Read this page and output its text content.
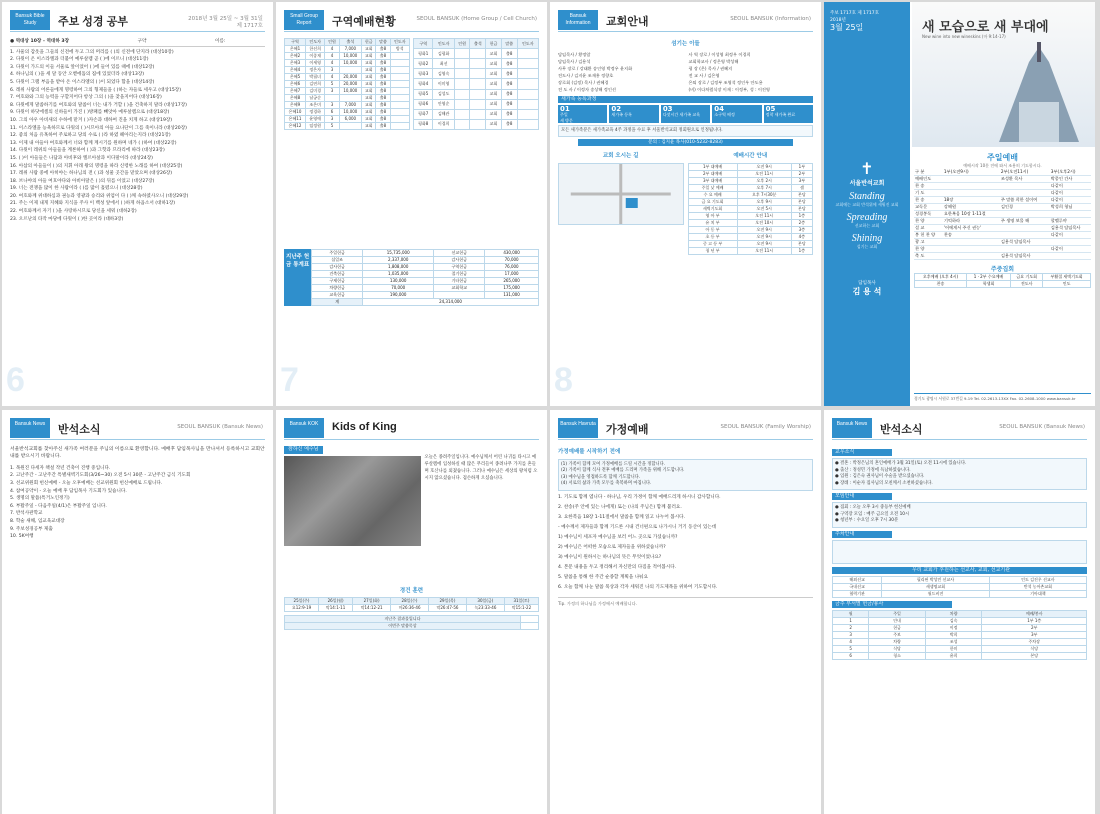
Bansuk Bible Study	주보 성경 공부	2018년 3월 25일 ~ 3월 31일
제 1717호
● 역대상 10장 - 역대하 3장	구약	이름:
1. 사울의 갑옷을 그들의 신전에 두고 그의 머리를 ( )의 신전에 단지라 (대상10장)
2. 다윗이 온 이스라엘과 더불어 예루살렘 곧 ( )에 이르니 (대상11장)
3. 다윗이 가드의 이들 서울로 앞이었어 ( )에 들어 있를 때에 (대상12장)
4. 하나님의 ( )을 세 달 동안 오벧에돔의 집에 있었더라 (대상13장)
5. 다윗이 그램 부음을 받아 온 이스라엘의 ( )이 되었다 함을 (대상14장)
6. 레위 사람의 어른들에게 명령하여 그의 형제들을 ( )하는 자들로 세우고 (대상15장)
7. 여호와와 그의 능력을 구할지어다 항상 그의 ( )을 찾을지어다 (대상16장)
8. 다윗에게 말씀하기를 여호와의 말씀이 너는 내가 거할 ( )을 건축하지 말라 (대상17장)
9. 다윗이 하닷에셀의 신하들이 가진 ( )방패를 빼앗아 예루살렘으로 (대상18장)
10. 그의 아우 아비새의 수하에 맡겨 ( )자손과 대하여 진을 치게 하고 (대상19장)
11. 이스라엘을 능욕하므로 다윗의 ( )시므아의 아들 요나단이 그를 죽이니라 (대상20장)
12. 좋의 처음 유혹하여 주로하고 당의 수로 ( )라 하였 헤아리는지라 (대상21장)
13. 이제 내 아들아 여호와께서 너와 함께 계시기를 원하며 네가 ( )하여 (대상22장)
14. 다윗이 레위의 아들들을 계론하여 ( )과 그핫과 므라리에 따라 (대상23장)
15. ( )이 아들들은 나답과 아비후와 엘르아살과 이다말이라 (대상24장)
16. 아삽의 아들들이 ( )의 지휘 아래 왕의 명령을 따라 신령한 노래를 하여 (대상25장)
17. 레위 사람 중에 아히야는 하나님의 전 ( )과 성물 곳간을 맡았으며 (대상26장)
18. 브나야의 아들 여호야다와 아비아달은 ( )의 뒤를 이었고 (대상27장)
19. 너는 전쟁을 많이 한 사람이라 ( )를 많이 흘렸으니 (대상28장)
20. 여호와께 위대하심과 권능과 영광과 승리와 위엄이 다 ( )께 속하였사오니 (대상29장)
21. 주는 이제 내게 지혜와 지식을 주사 이 백성 앞에서 ( )하게 하옵소서 (대하1장)
22. 여호와께서 자기 ( )을 사랑하시므로 당신을 세워 (대하2장)
23. 오르난의 타작 마당에 다윗이 ( )한 곳이라 (대하3장)
6
Small Group Report	구역예배현황	SEOUL BANSUK (Home Group / Cell Church)
구역	인도자	인원	출석	헌금	말씀	인도자
은혜1	한선희	4	7,000	교회	출8	방석
은혜2	이종재	4	10,000	교회	출8	
은혜3	이세영	4	10,000	교회	출8	
은혜4	정은자	3		교회	출8	
은혜5	박필녀	4	20,000	교회	출8	
은혜6	김연희	5	20,000	교회	출8	
은혜7	김미경	3	10,000	교회	출8	
은혜8	남궁순			교회	출8	
은혜9	조은미	3	7,000	교회	출8	
은혜10	정경하	6	10,000	교회	출8	
은혜11	윤영애	3	6,000	교회	출8	
은혜12	임정원	5		교회	출8	
구역	인도자	인원	출석	헌금	말씀	인도자
평화1	김평화			교회	출8	
평화2	최선			교회	출8	
평화3	김영숙			교회	출8	
평화4	이미영			교회	출8	
평화5	김성도			교회	출8	
평화6	안영순			교회	출8	
평화7	김해관			교회	출8	
평화8	이경희			교회	출8	
지난주 헌금 통계표
주일헌금	15,735,000	선교헌금	430,000
십일조	2,337,000	감사헌금	70,000
감사헌금	1,808,000	구역헌금	76,000
건축헌금	1,035,000	절기헌금	17,000
구제헌금	130,000	기타헌금	265,000
차량헌금	70,000	교회학교	175,000
교육헌금	190,000		131,000
계	24,314,000		
7
Bansuk Information	교회안내	SEOUL BANSUK (Information)
섬기는 이들
담임목사 / 황정암
담임목사 / 김용석
사무 장로 / 강태환 송인영 박정우 윤지화
전도사 / 김지윤 조재홍 정향호
장로회 (김정) 목사 / 권혜경
전 도 사 / 이정자 송상해 정인선
사 역 장로 / 이성영 최정우 이경희
교회학교사 / 정은영 박성해
평 장 (은) 목사 / 권혜지
전 교 사 / 김은영
은퇴 장로 / 김정부 조영석 정인우 안도용
(비) 이다처럼식장 이재 : 이정부, 성 : 이진영
새가족 등록과정
01
주일
새 방문
02
새가족 등록
03
다섯시간 새가족 교육
04
소구역 배정
05
정착 새가족 완료
모든 새가족분은 새가족교육 4주 과정을 수료 후 서울반석교회 정회원으로 인정됩니다.
문의 : 김지윤 목사(010-5232-8283)
교회 오시는 길	예배시간 안내
1부 대예배	오전 9시	1부
2부 대예배	오전 11시	2부
3부 대예배	오후 2시	3부
주일 낮 예배	오후 7시	샘
수 요 예배	오후 7시30분	본당
금 요 기도회	오후 9시	본당
새벽기도회	오전 5시	본당
영 아 부	오전 11시	1층
유 치 부	오전 10시	2층
아 동 부	오전 9시	3층
초 등 부	오전 9시	4층
중 고 등 부	오전 9시	본당
청 년 부	오전 11시	1층
8
주보 1717호 제 1717호
2018년
3월 25일
✝
서울반석교회
Standing
교회에는 교회 반석위에 세워진 교회
Spreading
선교하는 교회
Shining
섬기는 교회
담임목사
김 용 석
새 모습으로 새 부대에
New wine into new wineskins (마 9:14-17)
주일예배
예배시작 10분 전에 와서 조용히 기도합시다.
구 분	1부(오전9시)	2부(오전11시)	3부(오후2시)
예배인도		조성환 목사	박종인 간사
찬 송			다같이
기 도			다같이
찬 송	18장	주 말씀 희한 설이여	다같이
교독문	강해원	김인경	박성희 형님
성경봉독	요한복음 10장 1-11절		
찬 양	기억하라	주 생명 보물 해	할렐루야
설 교	'어에게서 주신 권능'		김용석 담임목사
봉 헌 찬 양	찬송		다같이
광 고		김용석 담임목사	
찬 양			다같이
축 도		김용석 담임목사	
주중집회
오후예배 (오후 4시)	1 · 2부 수요예배	금요 기도회	부활절 새벽기도회
찬송	학생회	전도사	인도
경기도 광명시 서원로 37번길 9-19 Tel. 02-2613-13XX Fax. 02-2608-1000 www.bansuk.kr
Bansuk News	반석소식	SEOUL BANSUK (Bansuk News)
서울반석교회를 찾아주신 새가족 여러분을 주님의 이름으로 환영합니다. 예배후 담임목사님을 만나셔서 등록하시고 교회안내를 받으시기 바랍니다.
1. 목원진 다세자 책설 작년 건축이 진행 중입니다.
2. 고난주간 - 고난주간 특별새벽기도회(3/26~30) 오전 5시 30분 - 고난주간 금식 기도회
3. 선교위원회 헌신예배 - 오늘 오후예배는 선교위원회 헌신예배로 드립니다.
4. 참여공약이 - 오늘 예배 후 담임목사 기도회가 있습니다.
5. 생명의 말씀(특거노인정기)
6. 부활주일 - 다음주일(4/1)은 부활주일 입니다.
7. 반석사관학교
8. 학술 새해, 임교육교대장
9. 주보성경공부 제출
10. 5K여행
Bansuk KOK	Kids of King
잠하신 예수님
오늘은 종려주일입니다. 예수님께서 어린 나귀를 타시고 예루살렘에 입성하실 때 많은 무리들이 종려나무 가지를 흔들며 호산나를 외쳤습니다. 그러나 예수님은 세상의 왕처럼 오시지 않으셨습니다. 겸손하게 오셨습니다.
경건 훈련
25일(주)	26일(월)	27일(화)	28일(수)	29일(목)	30일(금)	31일(토)
요12:9-19	막14:1-11	막14:12-21	마26:36-46	막26:47-56	눅23:33-46	막15:1-22
지난주 결과물입니다	
이번주 말씀묵상	
Bansuk Havruta 가정예배	SEOUL BANSUK (Family Worship)
가정예배를 시작하기 전에
(1) 가족이 함께 모여 가정예배를 드릴 시간을 정합니다.
(2) 가족이 함께 식사 전후 예배를 드리며 가족을 위해 기도합니다.
(3) 예수님을 영접하도록 함께 기도합니다.
(4) 서로의 삶과 가족 모두를 축복하며 마칩니다.
1. 기도로 함께 엽니다 - 하나님, 우리 가정이 함께 예배드리게 하시니 감사합니다.
2. 찬송(주 안에 있는 나에게) 또는 (나의 주님은) 함께 불러요.
3. 요한복음 18장 1-11절에서 말씀을 함께 읽고 나누어 봅시다.
- 예수께서 제자들과 함께 기드론 시내 건너편으로 나가시니 거기 동산이 있는데
1) 예수님이 세포자 예수님을 보러 어느 곳으로 가셨습니까?
2) 예수님은 어떠한 모습으로 제자들을 위하셨습니까?
3) 예수님이 원하시는 하나님의 뜻은 무엇이었나요?
4. 본문 내용을 두고 정리해서 자신만의 다짐을 적어봅시다.
5. 말씀을 통해 한 주간 순종할 계획을 나눠요
6. 오늘 함께 나눈 말씀 묵상과 각자 세워진 나의 기도제목을 위하여 기도합시다.
Tip. 가정의 하나님을 가정에서 예배합니다.
Bansuk News	반석소식	SEOUL BANSUK (Bansuk News)
교우소식
● 결혼 : 박정은님의 혼인예배가 3월 31일(토) 오전 11시에 있습니다.
● 출산 : 정성민 가정에 득남하였습니다.
● 입원 : 김은숙 권사님이 수술을 받으셨습니다.
● 장례 : 이순자 집사님의 모친께서 소천하셨습니다.
모임안내
● 집회 : 오늘 오후 3시 중등부 헌신예배
● 구역장 모임 : 매주 금요일 오전 10시
● 청년부 : 수요일 오후 7시 30분
주차안내
우리 교회가 후원하는 선교사, 교회, 선교기관
해외선교	필리핀 박성민 선교사	인도 김진우 선교사
국내선교	새생명교회	반석 농어촌교회
협력기관	월드비전	기아대책
금주 부서별 헌금/봉사
월	주일	차량	예배/봉사
1	안내	김숙	1부 1층
2	헌금	이정	2부
3	주보	박희	3부
4	차량	조성	주차장
5	식당	한미	식당
6	청소	윤희	본당
